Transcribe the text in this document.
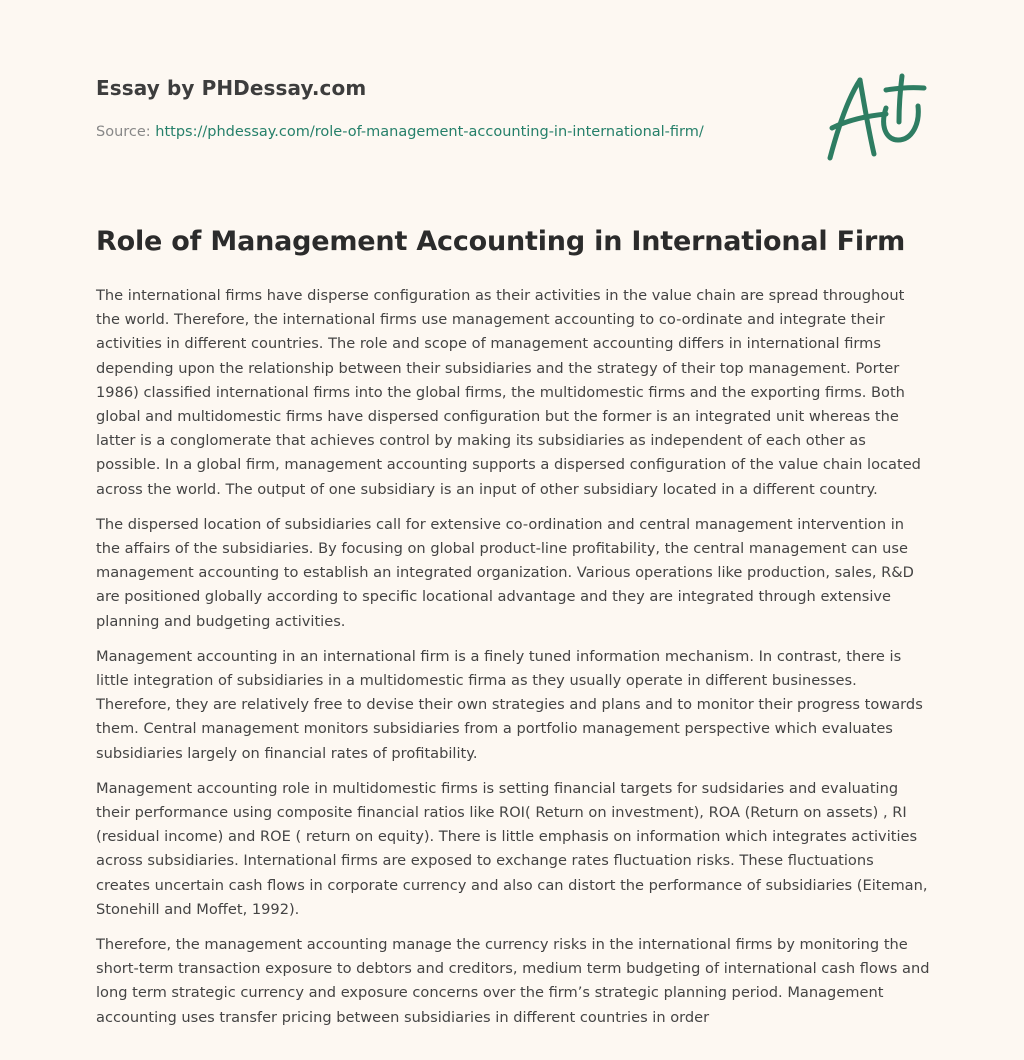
Essay by PHDessay.com
Source: https://phdessay.com/role-of-management-accounting-in-international-firm/
Role of Management Accounting in International Firm

The international firms have disperse configuration as their activities in the value chain are spread throughout the world. Therefore, the international firms use management accounting to co-ordinate and integrate their activities in different countries. The role and scope of management accounting differs in international firms depending upon the relationship between their subsidiaries and the strategy of their top management. Porter 1986) classified international firms into the global firms, the multidomestic firms and the exporting firms. Both global and multidomestic firms have dispersed configuration but the former is an integrated unit whereas the latter is a conglomerate that achieves control by making its subsidiaries as independent of each other as possible. In a global firm, management accounting supports a dispersed configuration of the value chain located across the world. The output of one subsidiary is an input of other subsidiary located in a different country.

The dispersed location of subsidiaries call for extensive co-ordination and central management intervention in the affairs of the subsidiaries. By focusing on global product-line profitability, the central management can use management accounting to establish an integrated organization. Various operations like production, sales, R&D are positioned globally according to specific locational advantage and they are integrated through extensive planning and budgeting activities.

Management accounting in an international firm is a finely tuned information mechanism. In contrast, there is little integration of subsidiaries in a multidomestic firma as they usually operate in different businesses. Therefore, they are relatively free to devise their own strategies and plans and to monitor their progress towards them. Central management monitors subsidiaries from a portfolio management perspective which evaluates subsidiaries largely on financial rates of profitability.

Management accounting role in multidomestic firms is setting financial targets for sudsidaries and evaluating their performance using composite financial ratios like ROI( Return on investment), ROA (Return on assets) , RI (residual income) and ROE ( return on equity). There is little emphasis on information which integrates activities across subsidiaries. International firms are exposed to exchange rates fluctuation risks. These fluctuations creates uncertain cash flows in corporate currency and also can distort the performance of subsidiaries (Eiteman, Stonehill and Moffet, 1992).

Therefore, the management accounting manage the currency risks in the international firms by monitoring the short-term transaction exposure to debtors and creditors, medium term budgeting of international cash flows and long term strategic currency and exposure concerns over the firm’s strategic planning period. Management accounting uses transfer pricing between subsidiaries in different countries in order
